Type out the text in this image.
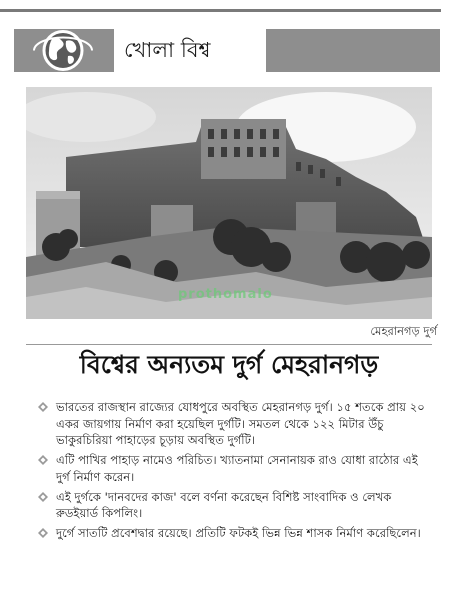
খোলা বিশ্ব
prothomalo
মেহরানগড় দুর্গ
বিশ্বের অন্যতম দুর্গ মেহরানগড়
ভারতের রাজস্থান রাজ্যের যোধপুরে অবস্থিত মেহরানগড় দুর্গ। ১৫ শতকে প্রায় ২০ একর জায়গায় নির্মাণ করা হয়েছিল দুর্গটি। সমতল থেকে ১২২ মিটার উঁচু ভাকুরচিরিয়া পাহাড়ের চূড়ায় অবস্থিত দুর্গটি।
এটি পাখির পাহাড় নামেও পরিচিত। খ্যাতনামা সেনানায়ক রাও যোধা রাঠোর এই দুর্গ নির্মাণ করেন।
এই দুর্গকে 'দানবদের কাজ' বলে বর্ণনা করেছেন বিশিষ্ট সাংবাদিক ও লেখক রুডইয়ার্ড কিপলিং।
দুর্গে সাতটি প্রবেশদ্বার রয়েছে। প্রতিটি ফটকই ভিন্ন ভিন্ন শাসক নির্মাণ করেছিলেন।
